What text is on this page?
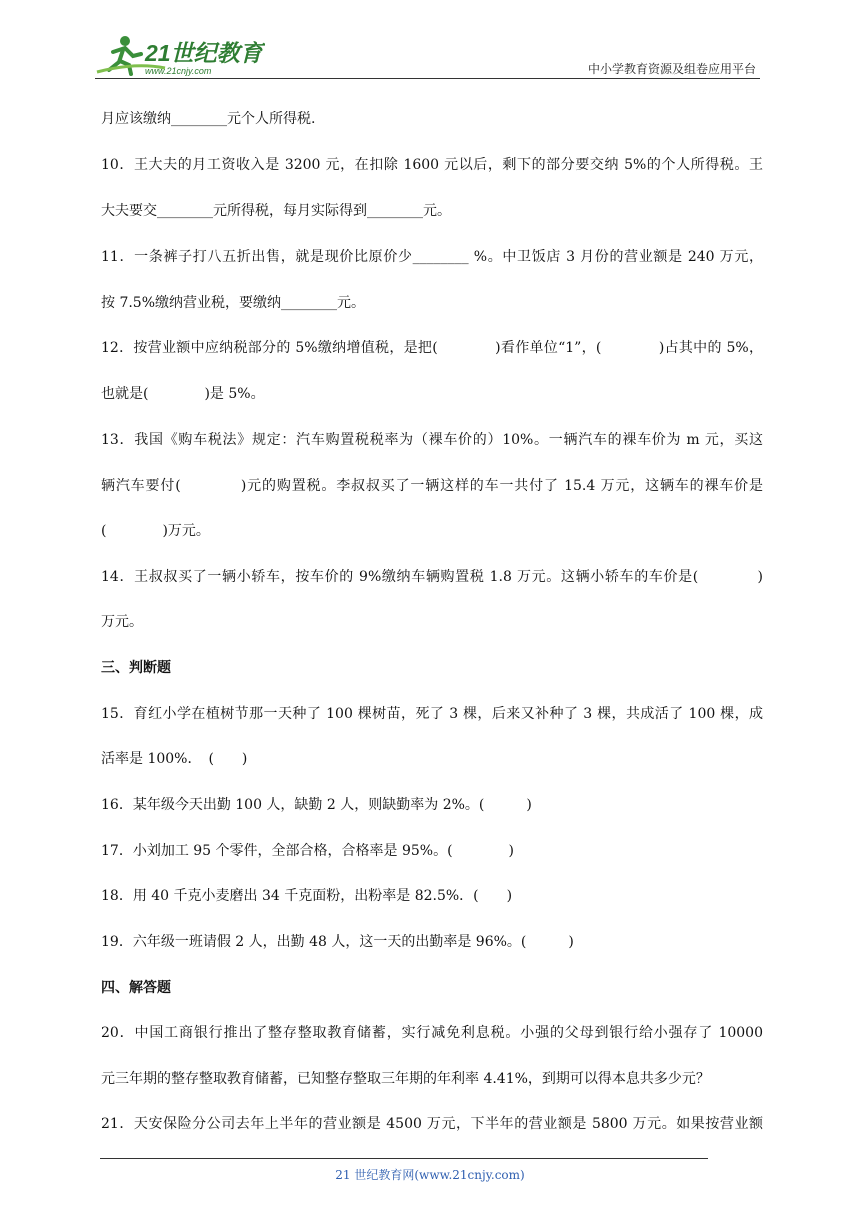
21世纪教育
www.21cnjy.com	中小学教育资源及组卷应用平台
月应该缴纳________元个人所得税.
10．王大夫的月工资收入是 3200 元，在扣除 1600 元以后，剩下的部分要交纳 5%的个人所得税。王
大夫要交________元所得税，每月实际得到________元。
11．一条裤子打八五折出售，就是现价比原价少________ %。中卫饭店 3 月份的营业额是 240 万元，
按 7.5%缴纳营业税，要缴纳________元。
12．按营业额中应纳税部分的 5%缴纳增值税，是把(　　　　)看作单位“1”，(　　　　)占其中的 5%，
也就是(　　　　)是 5%。
13．我国《购车税法》规定：汽车购置税税率为（裸车价的）10%。一辆汽车的裸车价为 m 元，买这
辆汽车要付(　　　　)元的购置税。李叔叔买了一辆这样的车一共付了 15.4 万元，这辆车的裸车价是
(　　　　)万元。
14．王叔叔买了一辆小轿车，按车价的 9%缴纳车辆购置税 1.8 万元。这辆小轿车的车价是(　　　　)
万元。
三、判断题
15．育红小学在植树节那一天种了 100 棵树苗，死了 3 棵，后来又补种了 3 棵，共成活了 100 棵，成
活率是 100%．　(　　)
16．某年级今天出勤 100 人，缺勤 2 人，则缺勤率为 2%。(　　　)
17．小刘加工 95 个零件，全部合格，合格率是 95%。(　　　　)
18．用 40 千克小麦磨出 34 千克面粉，出粉率是 82.5%．(　　)
19．六年级一班请假 2 人，出勤 48 人，这一天的出勤率是 96%。(　　　)
四、解答题
20．中国工商银行推出了整存整取教育储蓄，实行减免利息税。小强的父母到银行给小强存了 10000
元三年期的整存整取教育储蓄，已知整存整取三年期的年利率 4.41%，到期可以得本息共多少元？
21．天安保险分公司去年上半年的营业额是 4500 万元，下半年的营业额是 5800 万元。如果按营业额
21 世纪教育网(www.21cnjy.com)
